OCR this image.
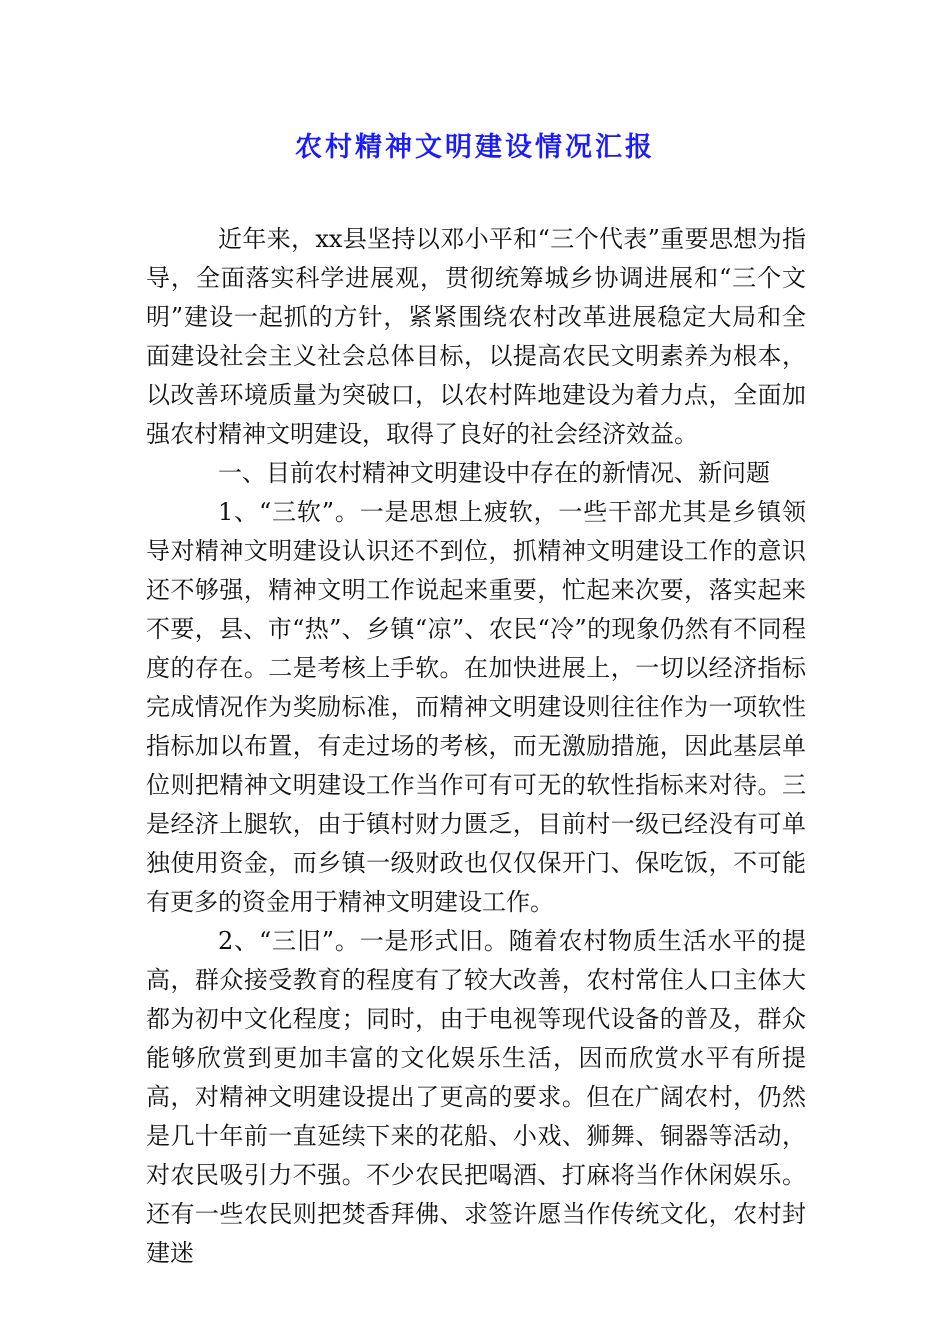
农村精神文明建设情况汇报

近年来，xx县坚持以邓小平和“三个代表”重要思想为指导，全面落实科学进展观，贯彻统筹城乡协调进展和“三个文明”建设一起抓的方针，紧紧围绕农村改革进展稳定大局和全面建设社会主义社会总体目标，以提高农民文明素养为根本，以改善环境质量为突破口，以农村阵地建设为着力点，全面加强农村精神文明建设，取得了良好的社会经济效益。

一、目前农村精神文明建设中存在的新情况、新问题

1、“三软”。一是思想上疲软，一些干部尤其是乡镇领导对精神文明建设认识还不到位，抓精神文明建设工作的意识还不够强，精神文明工作说起来重要，忙起来次要，落实起来不要，县、市“热”、乡镇“凉”、农民“冷”的现象仍然有不同程度的存在。二是考核上手软。在加快进展上，一切以经济指标完成情况作为奖励标准，而精神文明建设则往往作为一项软性指标加以布置，有走过场的考核，而无激励措施，因此基层单位则把精神文明建设工作当作可有可无的软性指标来对待。三是经济上腿软，由于镇村财力匮乏，目前村一级已经没有可单独使用资金，而乡镇一级财政也仅仅保开门、保吃饭，不可能有更多的资金用于精神文明建设工作。

2、“三旧”。一是形式旧。随着农村物质生活水平的提高，群众接受教育的程度有了较大改善，农村常住人口主体大都为初中文化程度；同时，由于电视等现代设备的普及，群众能够欣赏到更加丰富的文化娱乐生活，因而欣赏水平有所提高，对精神文明建设提出了更高的要求。但在广阔农村，仍然是几十年前一直延续下来的花船、小戏、狮舞、铜器等活动，对农民吸引力不强。不少农民把喝酒、打麻将当作休闲娱乐。还有一些农民则把焚香拜佛、求签许愿当作传统文化，农村封建迷
